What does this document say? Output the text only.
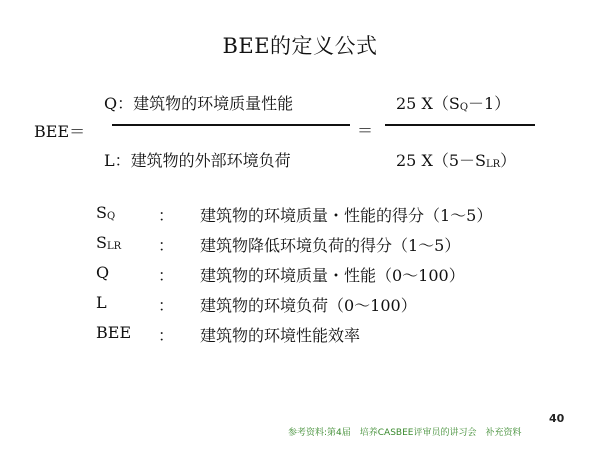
BEE的定义公式
BEE＝
Q：建筑物的环境质量性能
L：建筑物的外部环境负荷
＝
25 X（SQ－1）
25 X（5－SLR）
SQ	： 建筑物的环境质量・性能的得分（1～5）
SLR ： 建筑物降低环境负荷的得分（1～5）
Q	： 建筑物的环境质量・性能（0～100）
L	： 建筑物的环境负荷（0～100）
BEE ： 建筑物的环境性能效率
40
参考资料:第4届　培养CASBEE评审员的讲习会　补充资料
